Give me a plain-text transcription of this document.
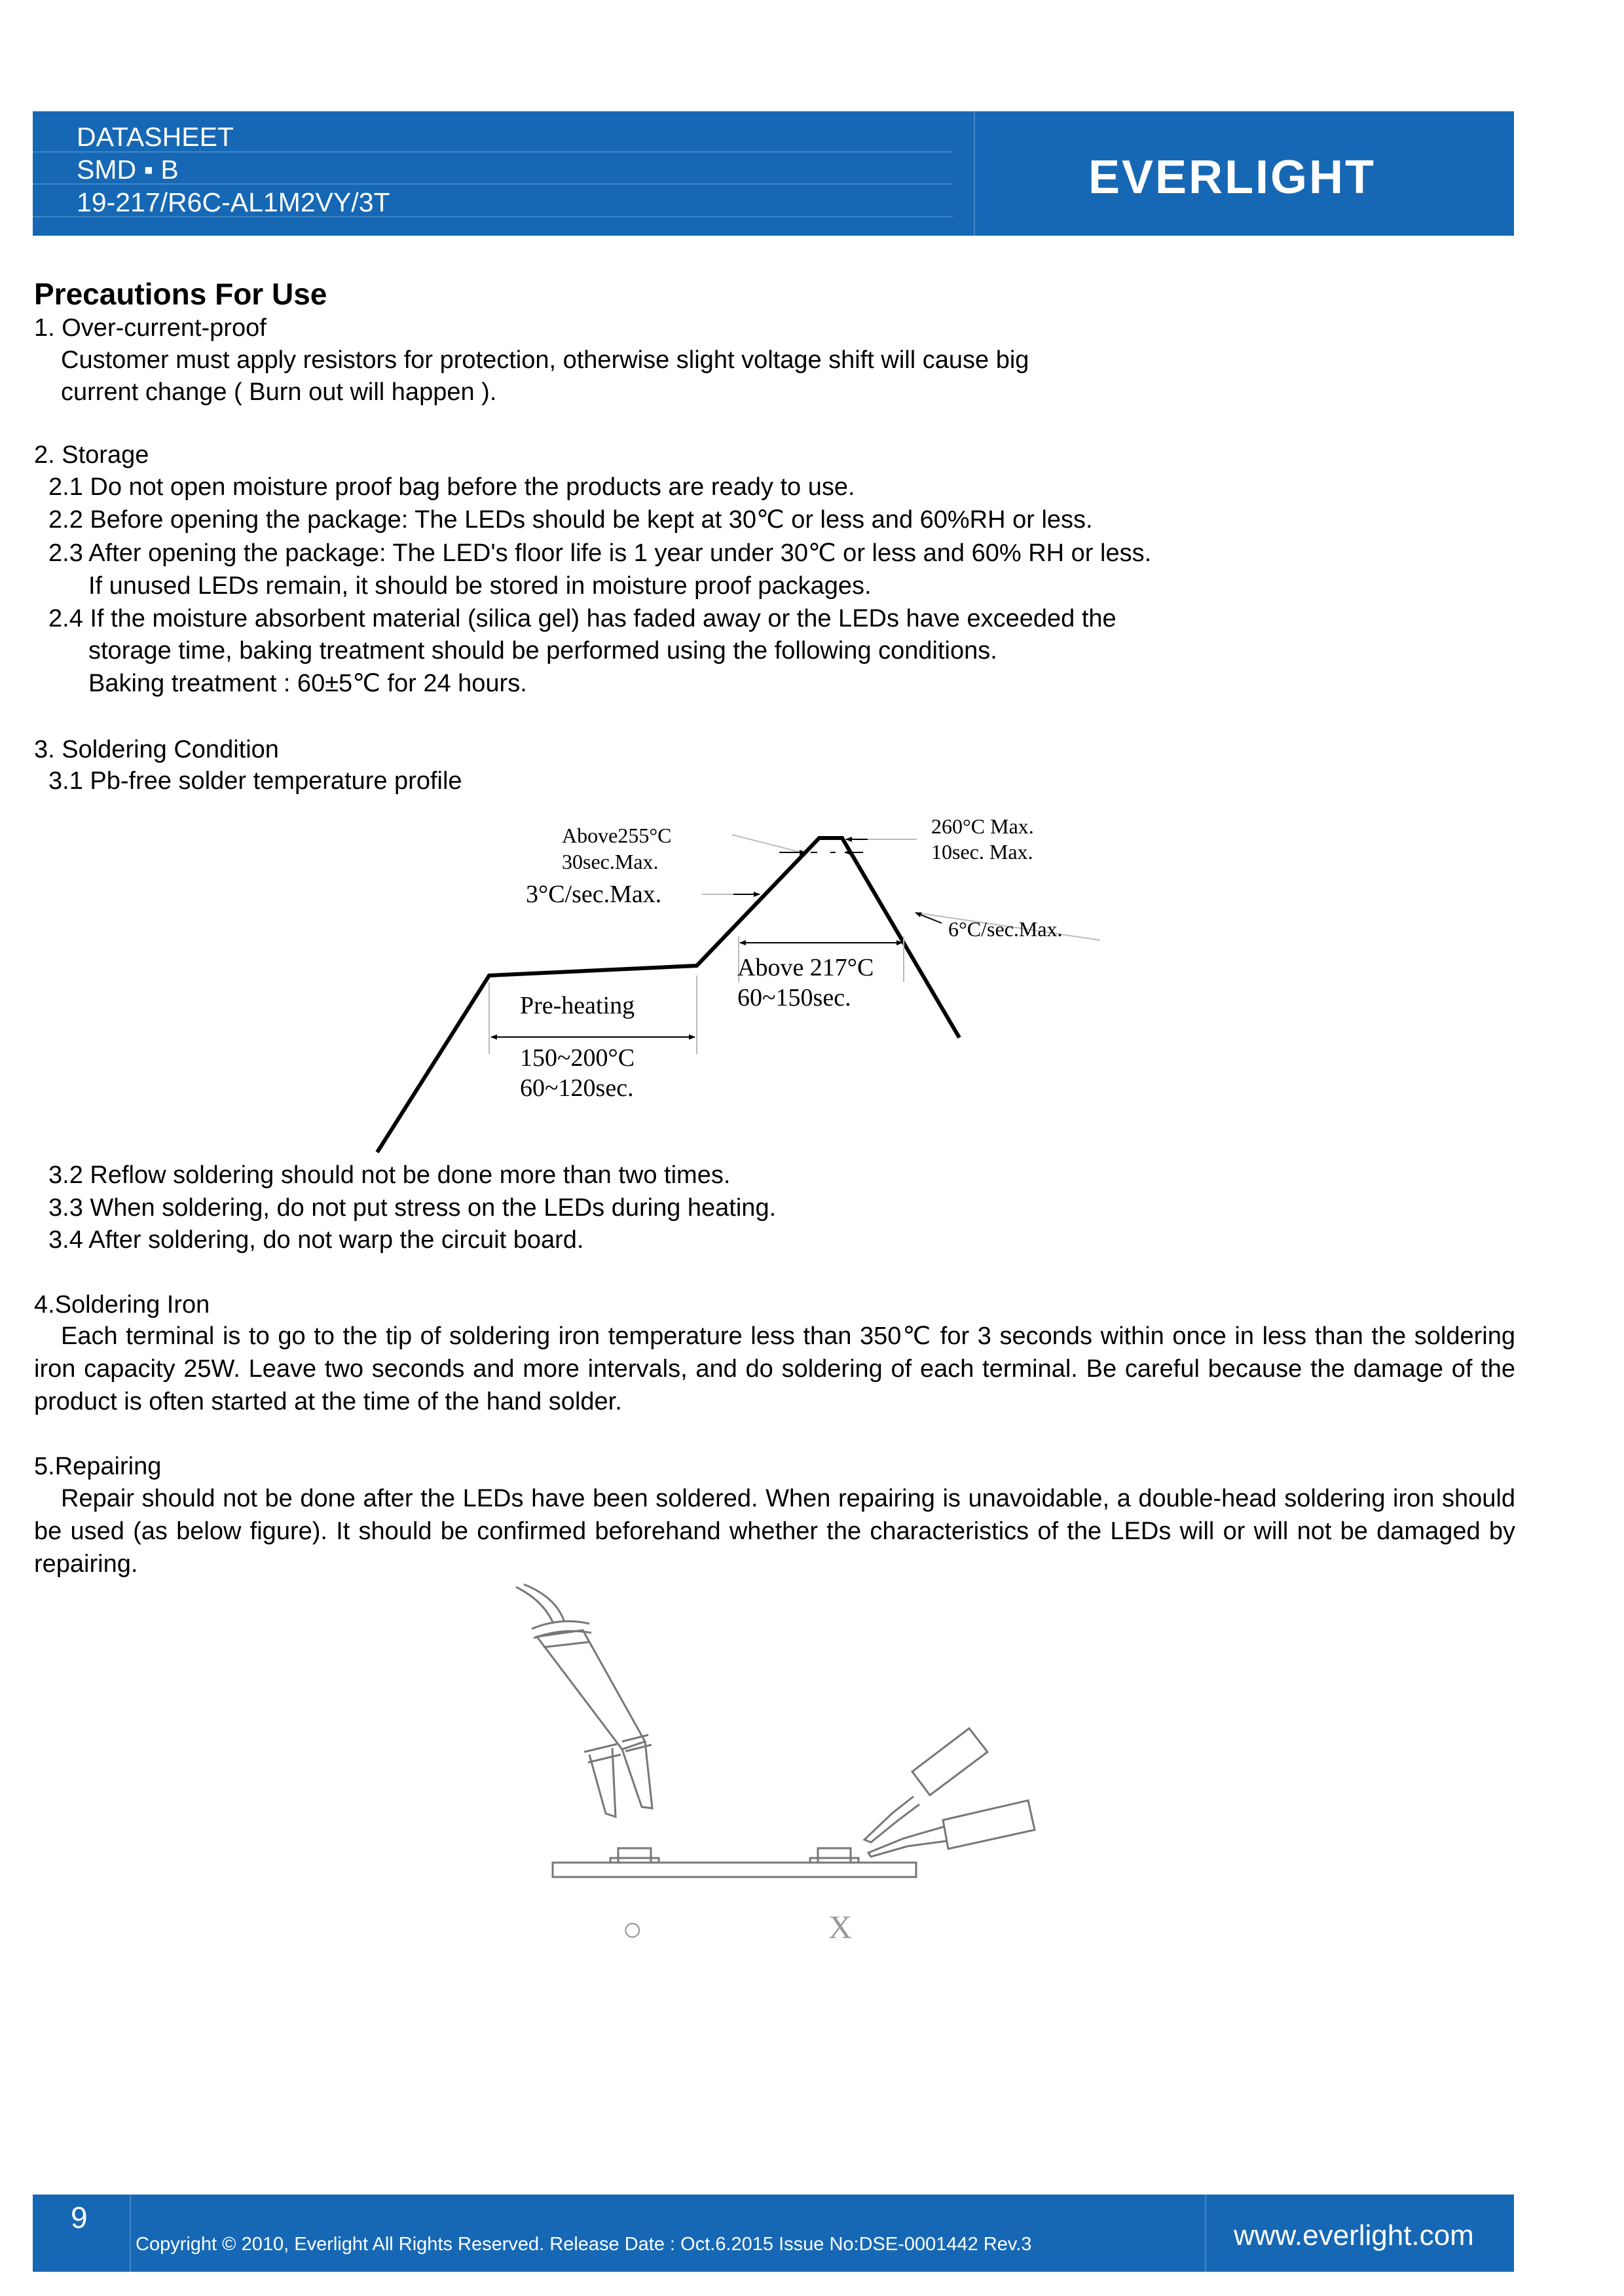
DATASHEET
SMD ▪ B
19-217/R6C-AL1M2VY/3T	EVERLIGHT
Precautions For Use
1. Over-current-proof
Customer must apply resistors for protection, otherwise slight voltage shift will cause big
current change ( Burn out will happen ).
2. Storage
2.1 Do not open moisture proof bag before the products are ready to use.
2.2 Before opening the package: The LEDs should be kept at 30℃ or less and 60%RH or less.
2.3 After opening the package: The LED's floor life is 1 year under 30℃ or less and 60% RH or less.
If unused LEDs remain, it should be stored in moisture proof packages.
2.4 If the moisture absorbent material (silica gel) has faded away or the LEDs have exceeded the
storage time, baking treatment should be performed using the following conditions.
Baking treatment : 60±5℃ for 24 hours.
3. Soldering Condition
3.1 Pb-free solder temperature profile
Above255°C
30sec.Max.
3°C/sec.Max.
260°C Max.
10sec. Max.
6°C/sec.Max.
Above 217°C
60~150sec.
Pre-heating
150~200°C
60~120sec.
3.2 Reflow soldering should not be done more than two times.
3.3 When soldering, do not put stress on the LEDs during heating.
3.4 After soldering, do not warp the circuit board.
4.Soldering Iron
Each terminal is to go to the tip of soldering iron temperature less than 350℃ for 3 seconds within once in less than the soldering iron capacity 25W. Leave two seconds and more intervals, and do soldering of each terminal. Be careful because the damage of the product is often started at the time of the hand solder.
5.Repairing
Repair should not be done after the LEDs have been soldered. When repairing is unavoidable, a double-head soldering iron should be used (as below figure). It should be confirmed beforehand whether the characteristics of the LEDs will or will not be damaged by repairing.
○	X
9
Copyright © 2010, Everlight All Rights Reserved. Release Date : Oct.6.2015 Issue No:DSE-0001442 Rev.3	www.everlight.com
